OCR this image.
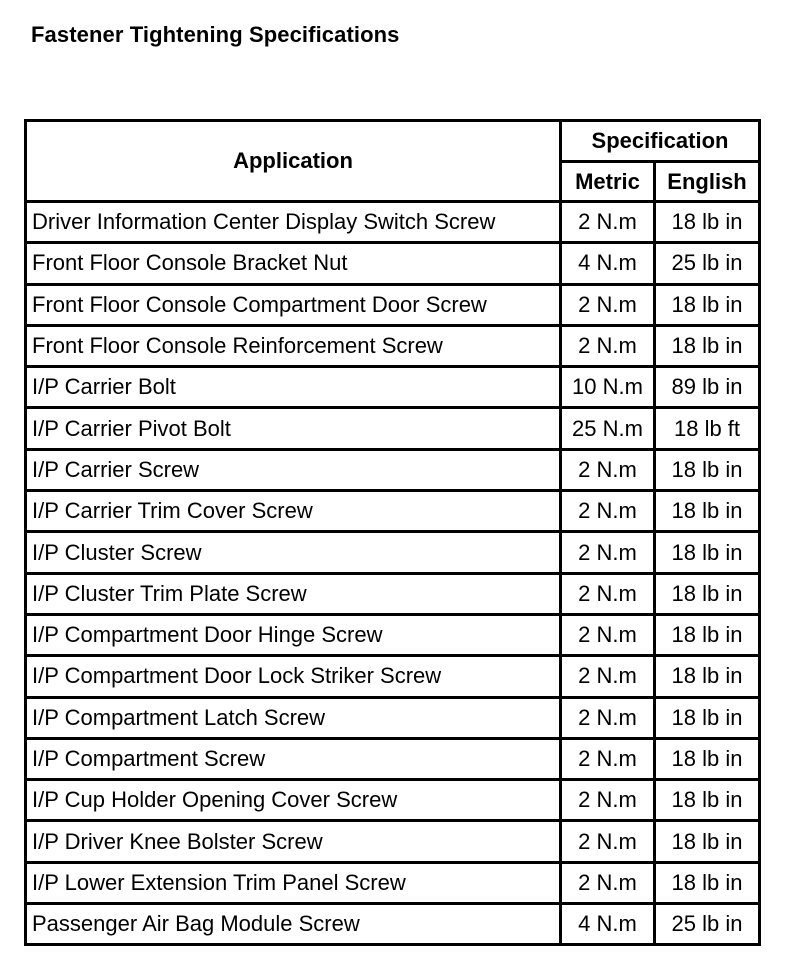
Fastener Tightening Specifications
Application	Specification	
	Metric	English
Driver Information Center Display Switch Screw	2 N.m	18 lb in
Front Floor Console Bracket Nut	4 N.m	25 lb in
Front Floor Console Compartment Door Screw	2 N.m	18 lb in
Front Floor Console Reinforcement Screw	2 N.m	18 lb in
I/P Carrier Bolt	10 N.m	89 lb in
I/P Carrier Pivot Bolt	25 N.m	18 lb ft
I/P Carrier Screw	2 N.m	18 lb in
I/P Carrier Trim Cover Screw	2 N.m	18 lb in
I/P Cluster Screw	2 N.m	18 lb in
I/P Cluster Trim Plate Screw	2 N.m	18 lb in
I/P Compartment Door Hinge Screw	2 N.m	18 lb in
I/P Compartment Door Lock Striker Screw	2 N.m	18 lb in
I/P Compartment Latch Screw	2 N.m	18 lb in
I/P Compartment Screw	2 N.m	18 lb in
I/P Cup Holder Opening Cover Screw	2 N.m	18 lb in
I/P Driver Knee Bolster Screw	2 N.m	18 lb in
I/P Lower Extension Trim Panel Screw	2 N.m	18 lb in
Passenger Air Bag Module Screw	4 N.m	25 lb in
